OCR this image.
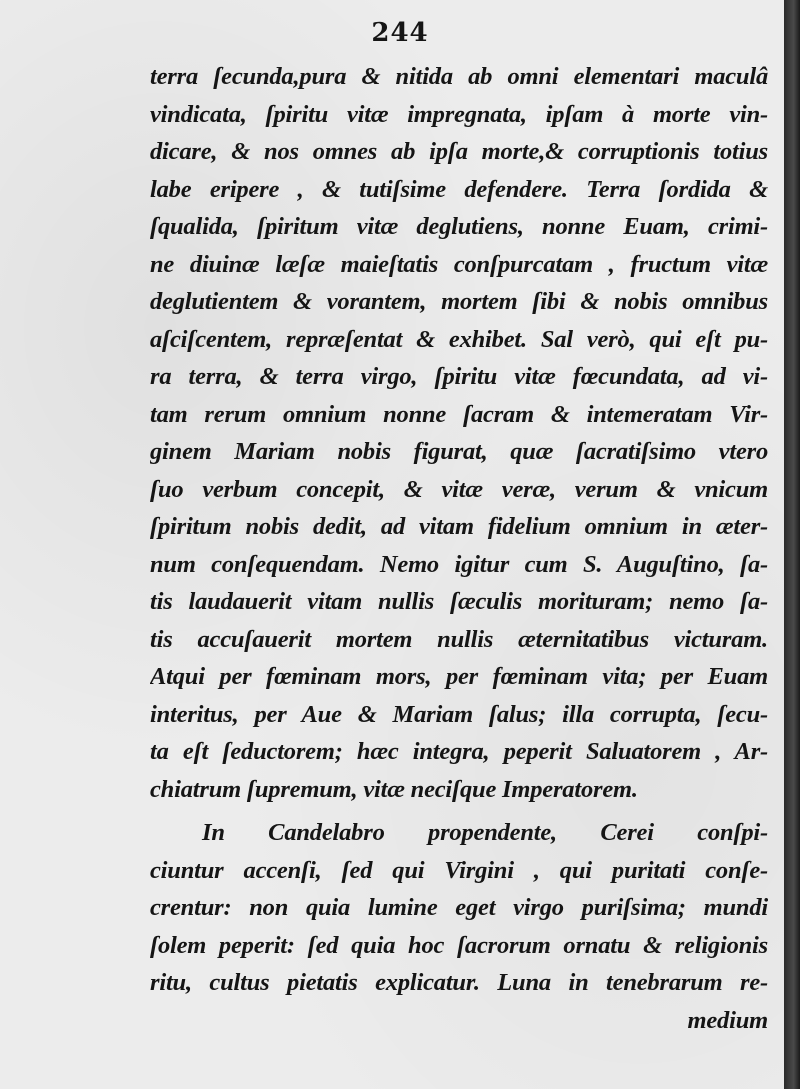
244
terra ſecunda,pura & nitida ab omni elementari maculâ
vindicata, ſpiritu vitæ impregnata, ipſam à morte vin-
dicare, & nos omnes ab ipſa morte,& corruptionis totius
labe eripere , & tutiſsime defendere. Terra ſordida &
ſqualida, ſpiritum vitæ deglutiens, nonne Euam, crimi-
ne diuinæ læſæ maieſtatis conſpurcatam , fructum vitæ
deglutientem & vorantem, mortem ſibi & nobis omnibus
aſciſcentem, repræſentat & exhibet. Sal verò, qui eſt pu-
ra terra, & terra virgo, ſpiritu vitæ fœcundata, ad vi-
tam rerum omnium nonne ſacram & intemeratam Vir-
ginem Mariam nobis figurat, quæ ſacratiſsimo vtero
ſuo verbum concepit, & vitæ veræ, verum & vnicum
ſpiritum nobis dedit, ad vitam fidelium omnium in æter-
num conſequendam. Nemo igitur cum S. Auguſtino, ſa-
tis laudauerit vitam nullis ſæculis morituram; nemo ſa-
tis accuſauerit mortem nullis æternitatibus victuram.
Atqui per fœminam mors, per fœminam vita; per Euam
interitus, per Aue & Mariam ſalus; illa corrupta, ſecu-
ta eſt ſeductorem; hæc integra, peperit Saluatorem , Ar-
chiatrum ſupremum, vitæ neciſque Imperatorem.
In Candelabro propendente, Cerei conſpi-
ciuntur accenſi, ſed qui Virgini , qui puritati conſe-
crentur: non quia lumine eget virgo puriſsima; mundi
ſolem peperit: ſed quia hoc ſacrorum ornatu & religionis
ritu, cultus pietatis explicatur. Luna in tenebrarum re-
medium
